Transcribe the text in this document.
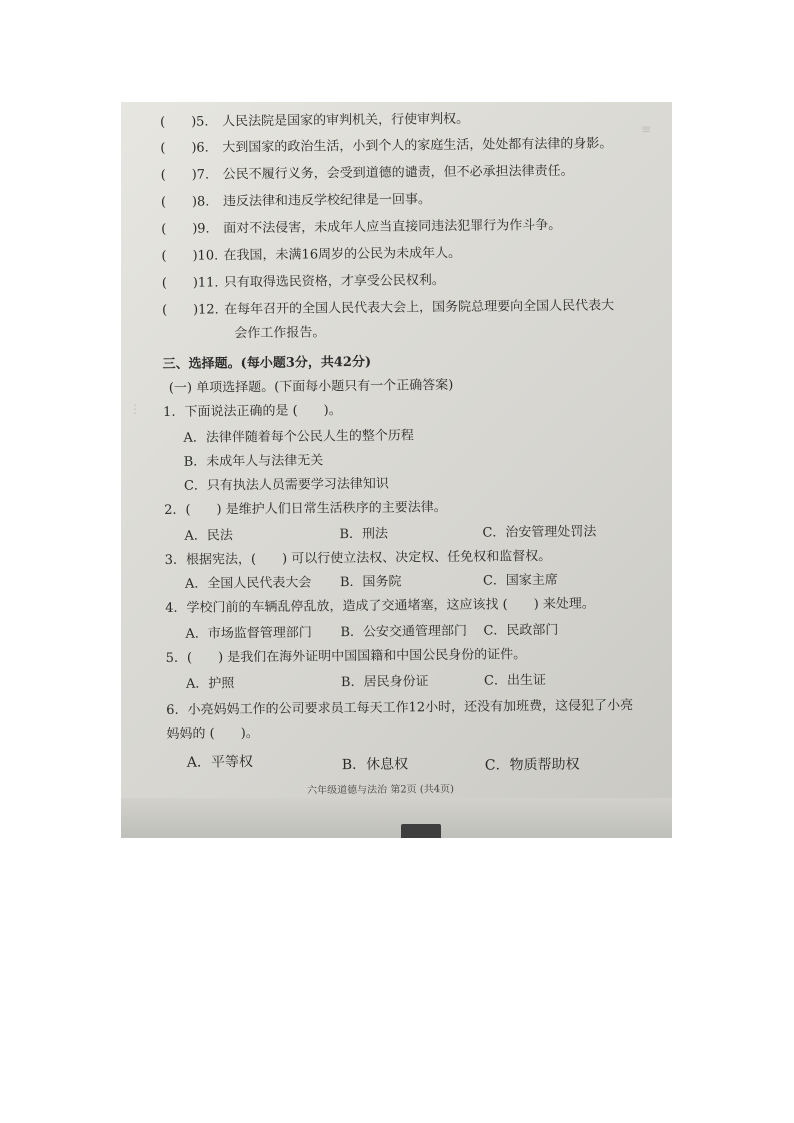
≡
⋮
(　　)5. 人民法院是国家的审判机关，行使审判权。
(　　)6. 大到国家的政治生活，小到个人的家庭生活，处处都有法律的身影。
(　　)7. 公民不履行义务，会受到道德的谴责，但不必承担法律责任。
(　　)8. 违反法律和违反学校纪律是一回事。
(　　)9. 面对不法侵害，未成年人应当直接同违法犯罪行为作斗争。
(　　)10. 在我国，未满16周岁的公民为未成年人。
(　　)11. 只有取得选民资格，才享受公民权利。
(　　)12. 在每年召开的全国人民代表大会上，国务院总理要向全国人民代表大
会作工作报告。
三、选择题。(每小题3分，共42分)
(一) 单项选择题。(下面每小题只有一个正确答案)
1．下面说法正确的是 (　　)。
A．法律伴随着每个公民人生的整个历程
B．未成年人与法律无关
C．只有执法人员需要学习法律知识
2．(　　) 是维护人们日常生活秩序的主要法律。
A．民法	B．刑法	C．治安管理处罚法
3．根据宪法，(　　) 可以行使立法权、决定权、任免权和监督权。
A．全国人民代表大会 B．国务院	C．国家主席
4．学校门前的车辆乱停乱放，造成了交通堵塞，这应该找 (　　) 来处理。
A．市场监督管理部门 B．公安交通管理部门 C．民政部门
5．(　　) 是我们在海外证明中国国籍和中国公民身份的证件。
A．护照	B．居民身份证	C．出生证
6．小亮妈妈工作的公司要求员工每天工作12小时，还没有加班费，这侵犯了小亮
妈妈的 (　　)。
A．平等权	B．休息权	C．物质帮助权
六年级道德与法治 第2页 (共4页)
